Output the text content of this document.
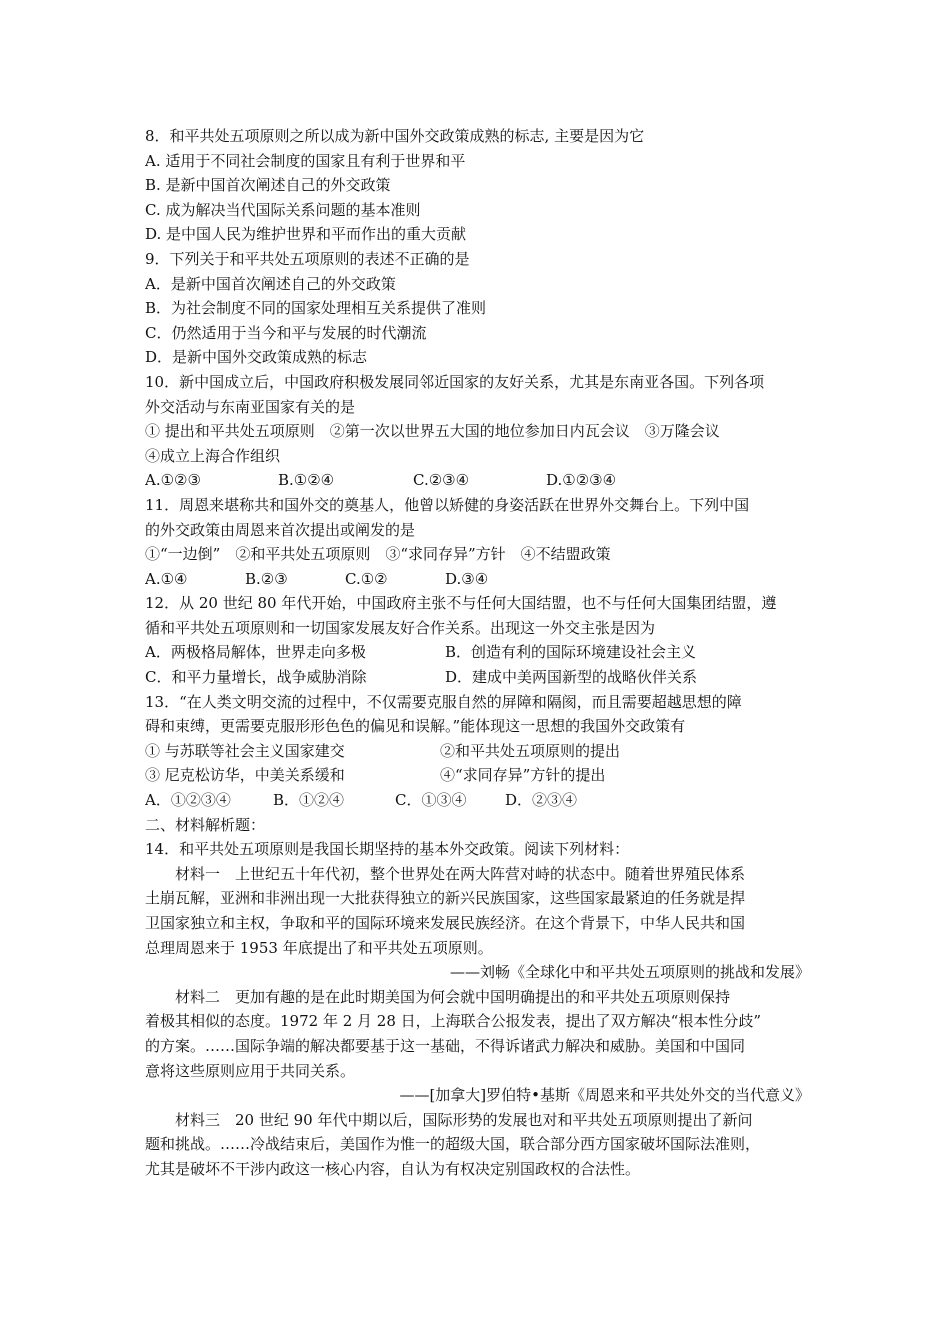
8．和平共处五项原则之所以成为新中国外交政策成熟的标志, 主要是因为它
A. 适用于不同社会制度的国家且有利于世界和平
B. 是新中国首次阐述自己的外交政策
C. 成为解决当代国际关系问题的基本准则
D. 是中国人民为维护世界和平而作出的重大贡献
9．下列关于和平共处五项原则的表述不正确的是
A．是新中国首次阐述自己的外交政策
B．为社会制度不同的国家处理相互关系提供了准则
C．仍然适用于当今和平与发展的时代潮流
D．是新中国外交政策成熟的标志
10．新中国成立后，中国政府积极发展同邻近国家的友好关系，尤其是东南亚各国。下列各项
外交活动与东南亚国家有关的是
① 提出和平共处五项原则　②第一次以世界五大国的地位参加日内瓦会议　③万隆会议
④成立上海合作组织
A.①②③	B.①②④	C.②③④	D.①②③④
11．周恩来堪称共和国外交的奠基人，他曾以矫健的身姿活跃在世界外交舞台上。下列中国
的外交政策由周恩来首次提出或阐发的是
①“一边倒”　②和平共处五项原则　③“求同存异”方针　④不结盟政策
A.①④	B.②③	C.①②	D.③④
12．从 20 世纪 80 年代开始，中国政府主张不与任何大国结盟，也不与任何大国集团结盟，遵
循和平共处五项原则和一切国家发展友好合作关系。出现这一外交主张是因为
A．两极格局解体，世界走向多极	B．创造有利的国际环境建设社会主义
C．和平力量增长，战争威胁消除	D．建成中美两国新型的战略伙伴关系
13．“在人类文明交流的过程中，不仅需要克服自然的屏障和隔阂，而且需要超越思想的障
碍和束缚，更需要克服形形色色的偏见和误解。”能体现这一思想的我国外交政策有
① 与苏联等社会主义国家建交	②和平共处五项原则的提出
③ 尼克松访华，中美关系缓和	④“求同存异”方针的提出
A．①②③④	B．①②④	C．①③④	D．②③④
二、材料解析题：
14．和平共处五项原则是我国长期坚持的基本外交政策。阅读下列材料：
材料一　上世纪五十年代初，整个世界处在两大阵营对峙的状态中。随着世界殖民体系
土崩瓦解，亚洲和非洲出现一大批获得独立的新兴民族国家，这些国家最紧迫的任务就是捍
卫国家独立和主权，争取和平的国际环境来发展民族经济。在这个背景下，中华人民共和国
总理周恩来于 1953 年底提出了和平共处五项原则。
——刘畅《全球化中和平共处五项原则的挑战和发展》
材料二　更加有趣的是在此时期美国为何会就中国明确提出的和平共处五项原则保持
着极其相似的态度。1972 年 2 月 28 日，上海联合公报发表，提出了双方解决“根本性分歧”
的方案。……国际争端的解决都要基于这一基础，不得诉诸武力解决和威胁。美国和中国同
意将这些原则应用于共同关系。
——[加拿大]罗伯特•基斯《周恩来和平共处外交的当代意义》
材料三　20 世纪 90 年代中期以后，国际形势的发展也对和平共处五项原则提出了新问
题和挑战。……冷战结束后，美国作为惟一的超级大国，联合部分西方国家破坏国际法准则，
尤其是破坏不干涉内政这一核心内容，自认为有权决定别国政权的合法性。
